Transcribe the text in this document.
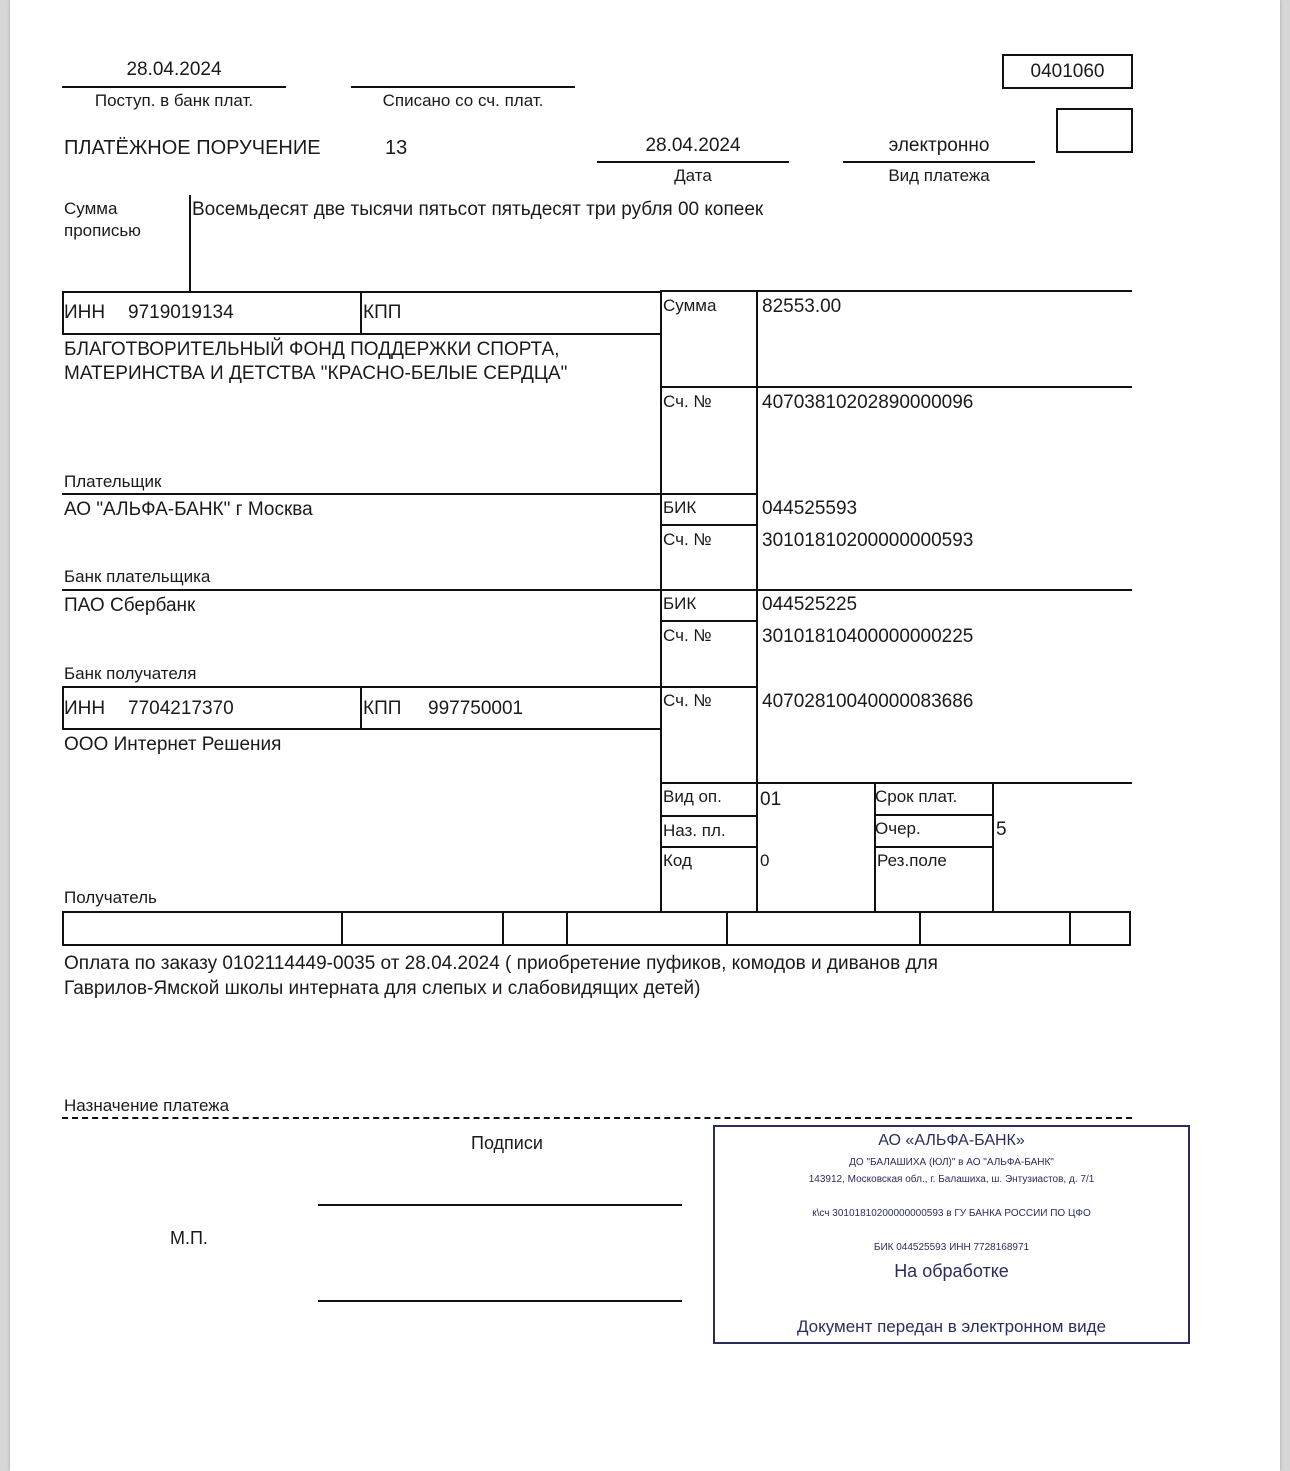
28.04.2024
Поступ. в банк плат.	Списано со сч. плат.
0401060
ПЛАТЁЖНОЕ ПОРУЧЕНИЕ	13	28.04.2024
Дата
электронно
Вид платежа
Сумма
прописью
Восемьдесят две тысячи пятьсот пятьдесят три рубля 00 копеек
ИНН 9719019134	КПП
БЛАГОТВОРИТЕЛЬНЫЙ ФОНД ПОДДЕРЖКИ СПОРТА,
МАТЕРИНСТВА И ДЕТСТВА "КРАСНО-БЕЛЫЕ СЕРДЦА"
Плательщик
Сумма 82553.00
Сч. №	40703810202890000096
АО "АЛЬФА-БАНК" г Москва
Банк плательщика
БИК	044525593
Сч. №	30101810200000000593
ПАО Сбербанк
Банк получателя
БИК	044525225
Сч. №	30101810400000000225
ИНН 7704217370	КПП 997750001
ООО Интернет Решения
Получатель
Сч. №	40702810040000083686
Вид оп. 01
Наз. пл.
Код	0
Срок плат.
Очер.	5
Рез.поле
Оплата по заказу 0102114449-0035 от 28.04.2024 ( приобретение пуфиков, комодов и диванов для
Гаврилов-Ямской школы интерната для слепых и слабовидящих детей)
Назначение платежа
Подписи
М.П.
АО «АЛЬФА-БАНК»
ДО "БАЛАШИХА (ЮЛ)" в АО "АЛЬФА-БАНК"
143912, Московская обл., г. Балашиха, ш. Энтузиастов, д. 7/1
к\сч 30101810200000000593 в ГУ БАНКА РОССИИ ПО ЦФО
БИК 044525593 ИНН 7728168971
На обработке
Документ передан в электронном виде
